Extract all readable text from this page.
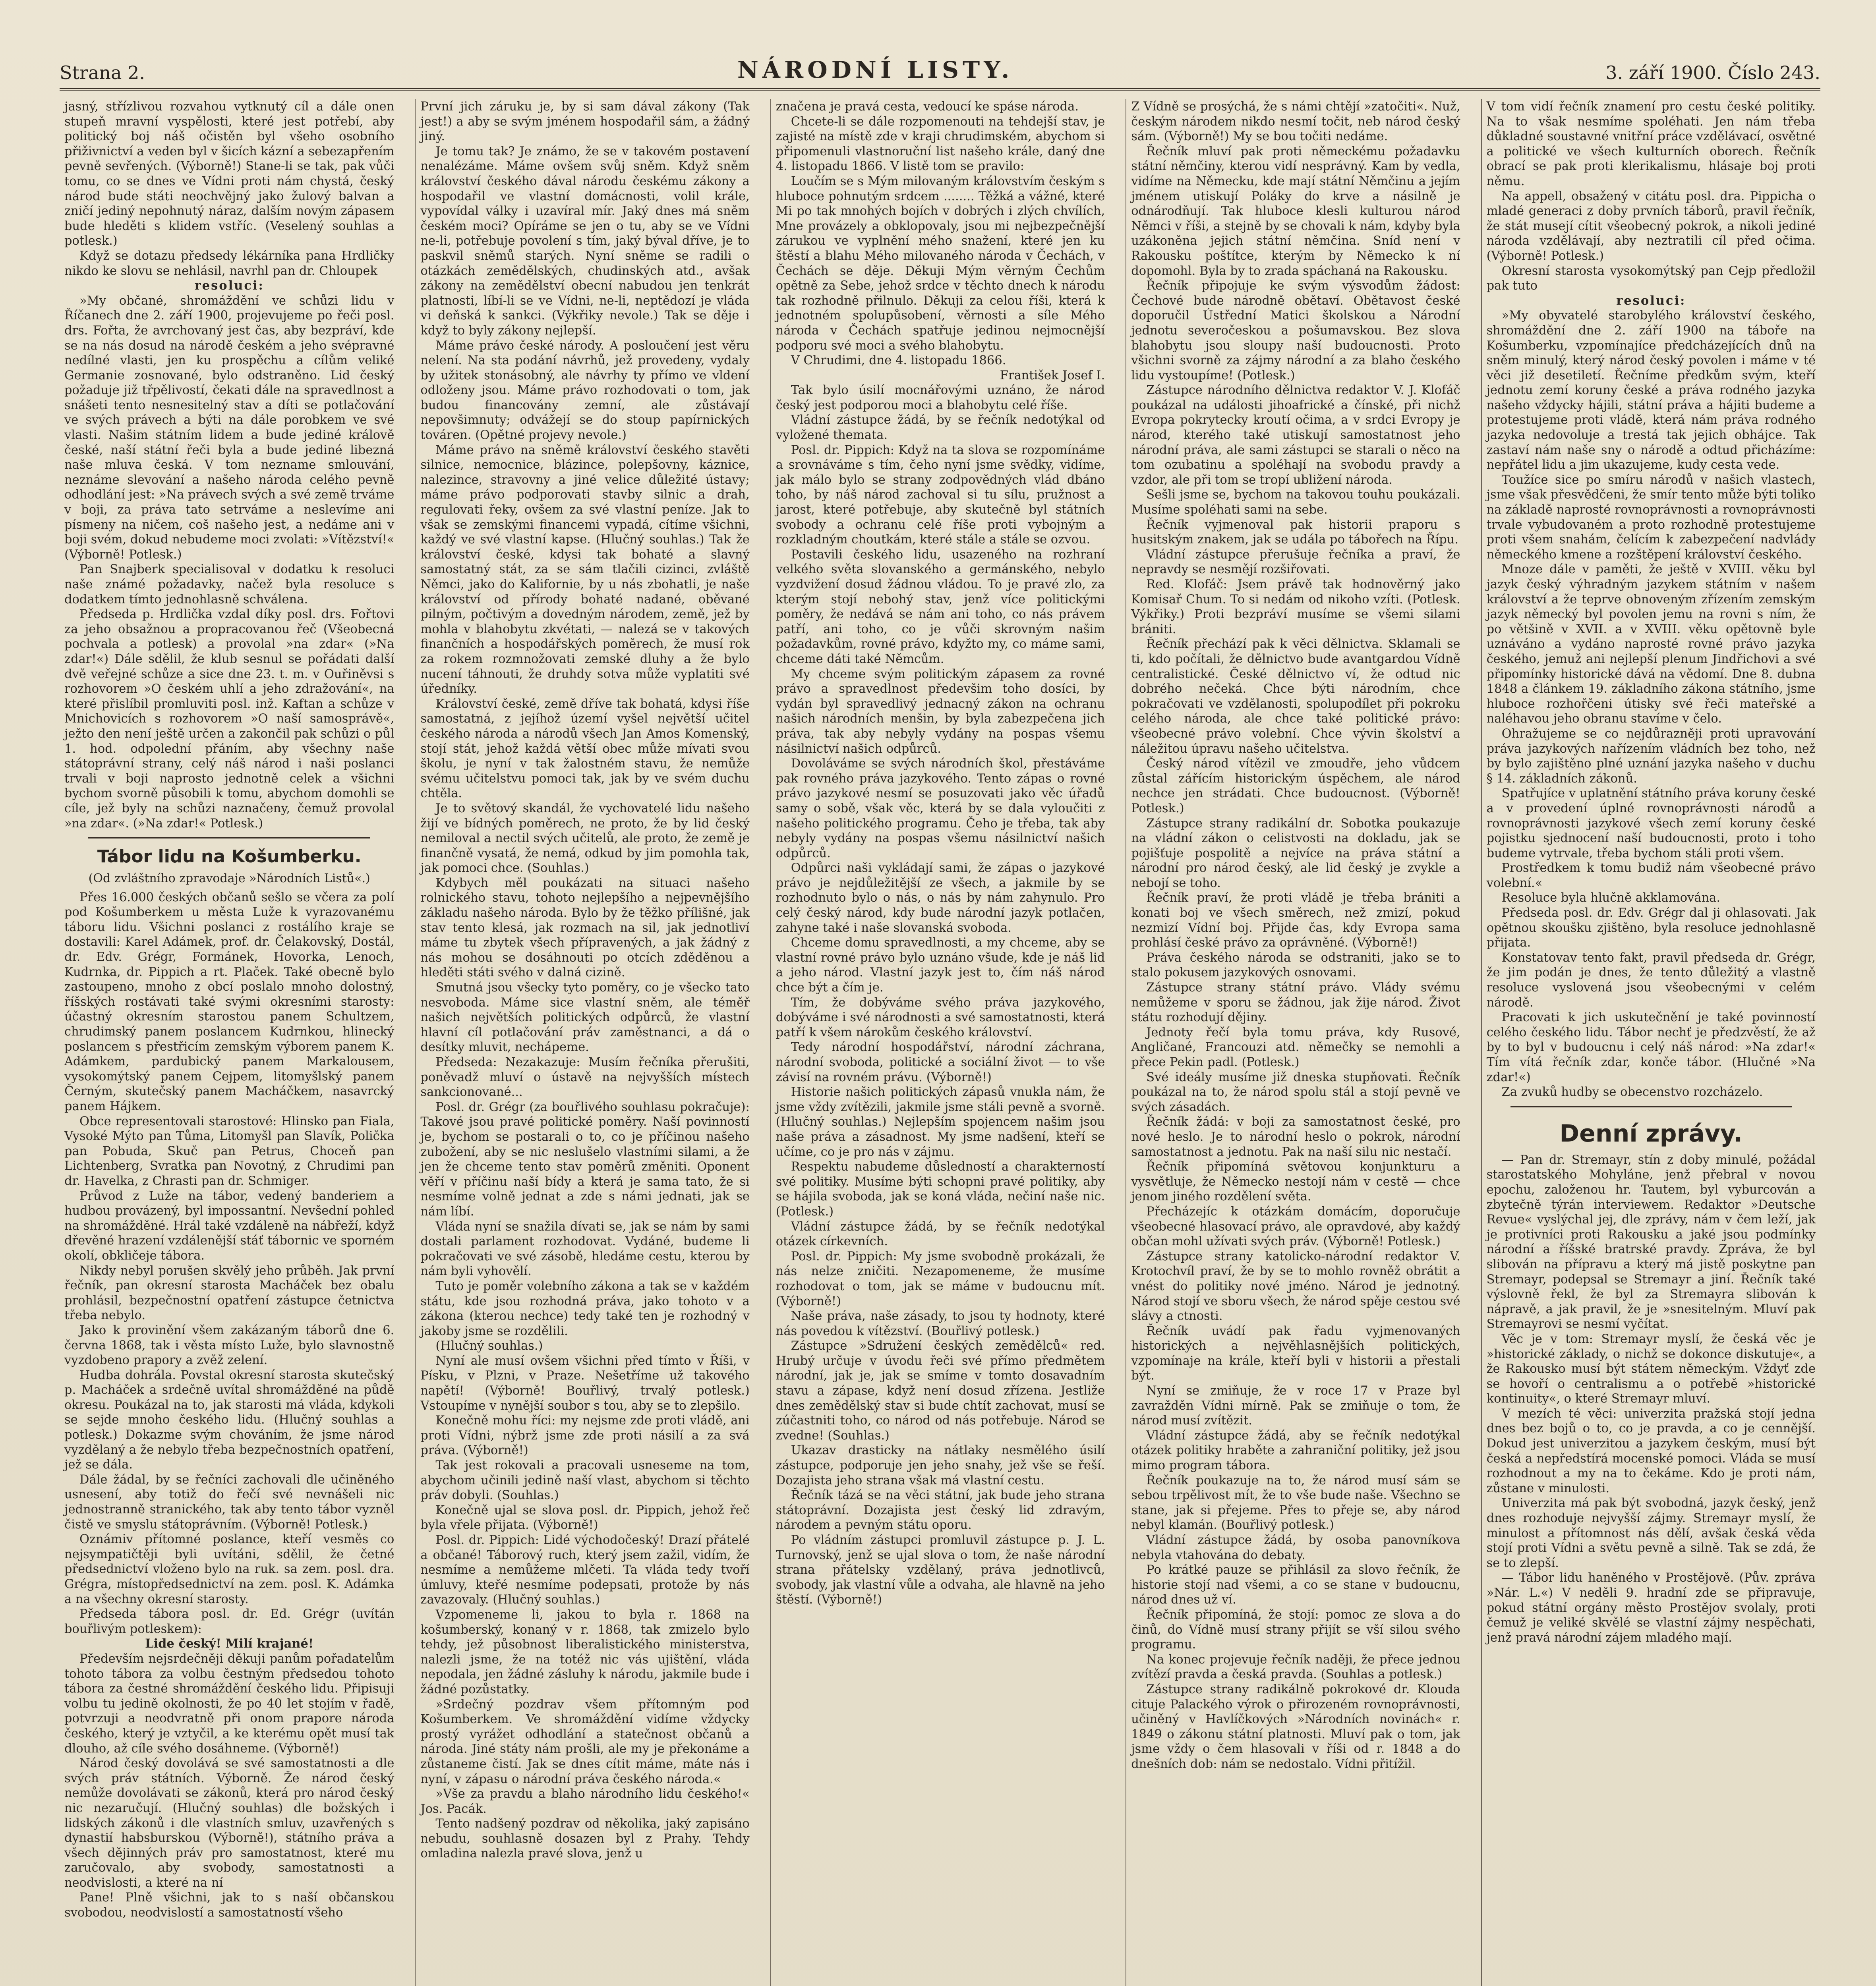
Strana 2.	NÁRODNÍ LISTY.	3. září 1900. Číslo 243.

jasný, střízlivou rozvahou vytknutý cíl a dále onen stupeň mravní vyspělosti, které jest potřebí, aby politický boj náš očistěn byl všeho osobního přiživnictví a veden byl v šicích kázní a sebezapřením pevně sevřených. (Výborně!) Stane-li se tak, pak vůči tomu, co se dnes ve Vídni proti nám chystá, český národ bude státi neochvějný jako žulový balvan a zničí jediný nepohnutý náraz, dalším novým zápasem bude hleděti s klidem vstříc. (Veselený souhlas a potlesk.)

Když se dotazu předsedy lékárníka pana Hrdličky nikdo ke slovu se nehlásil, navrhl pan dr. Chloupek

resoluci:

»My občané, shromáždění ve schůzi lidu v Říčanech dne 2. září 1900, projevujeme po řeči posl. drs. Fořta, že avrchovaný jest čas, aby bezpráví, kde se na nás dosud na národě českém a jeho svépravné nedílné vlasti, jen ku prospěchu a cílům veliké Germanie zosnované, bylo odstraněno. Lid český požaduje již třpělivostí, čekati dále na spravedlnost a snášeti tento nesnesitelný stav a díti se potlačování ve svých právech a býti na dále porobkem ve své vlasti. Našim státním lidem a bude jediné králově české, naší státní řeči byla a bude jediné libezná naše mluva česká. V tom nezname smlouvání, neznáme slevování a našeho národa celého pevně odhodlání jest: »Na právech svých a své země trváme v boji, za práva tato setrváme a neslevíme ani písmeny na ničem, coš našeho jest, a nedáme ani v boji svém, dokud nebudeme moci zvolati: »Vítězství!« (Výborně! Potlesk.)

Pan Snajberk specialisoval v dodatku k resoluci naše známé požadavky, načež byla resoluce s dodatkem tímto jednohlasně schválena.

Předseda p. Hrdlička vzdal díky posl. drs. Fořtovi za jeho obsažnou a propracovanou řeč (Všeobecná pochvala a potlesk) a provolal »na zdar« (»Na zdar!«) Dále sdělil, že klub sesnul se pořádati další dvě veřejné schůze a sice dne 23. t. m. v Ouřiněvsi s rozhovorem »O českém uhlí a jeho zdražování«, na které přislíbil promluviti posl. inž. Kaftan a schůze v Mnichovicích s rozhovorem »O naší samosprávě«, ježto den není ještě určen a zakončil pak schůzi o půl 1. hod. odpolední přáním, aby všechny naše státoprávní strany, celý náš národ i naši poslanci trvali v boji naprosto jednotně celek a všichni bychom svorně působili k tomu, abychom domohli se cíle, jež byly na schůzi naznačeny, čemuž provolal »na zdar«. (»Na zdar!« Potlesk.)

Tábor lidu na Košumberku.
(Od zvláštního zpravodaje »Národních Listů«.)

Přes 16.000 českých občanů sešlo se včera za polí pod Košumberkem u města Luže k vyrazovanému táboru lidu. Všichni poslanci z rostálího kraje se dostavili: Karel Adámek, prof. dr. Čelakovský, Dostál, dr. Edv. Grégr, Formánek, Hovorka, Lenoch, Kudrnka, dr. Pippich a rt. Plaček. Také obecně bylo zastoupeno, mnoho z obcí poslalo mnoho dolostný, říšských rostávati také svými okresními starosty: účastný okresním starostou panem Schultzem, chrudimský panem poslancem Kudrnkou, hlinecký poslancem s přestřicím zemským výborem panem K. Adámkem, pardubický panem Markalousem, vysokomýtský panem Cejpem, litomyšlský panem Černým, skutečský panem Macháčkem, nasavrcký panem Hájkem.

Obce representovali starostové: Hlinsko pan Fiala, Vysoké Mýto pan Tůma, Litomyšl pan Slavík, Polička pan Pobuda, Skuč pan Petrus, Choceň pan Lichtenberg, Svratka pan Novotný, z Chrudimi pan dr. Havelka, z Chrasti pan dr. Schmiger.

Průvod z Luže na tábor, vedený banderiem a hudbou provázený, byl impossantní. Nevšední pohled na shromážděné. Hrál také vzdáleně na nábřeží, když dřevěné hrazení vzdálenější stáť tábornic ve sporném okolí, obkličeje tábora.

Nikdy nebyl porušen skvělý jeho průběh. Jak první řečník, pan okresní starosta Macháček bez obalu prohlásil, bezpečnostní opatření zástupce četnictva třeba nebylo.

Jako k provinění všem zakázaným táborů dne 6. června 1868, tak i věsta místo Luže, bylo slavnostně vyzdobeno prapory a zvěž zelení.

Hudba dohrála. Povstal okresní starosta skutečský p. Macháček a srdečně uvítal shromážděné na půdě okresu. Poukázal na to, jak starosti má vláda, kdykoli se sejde mnoho českého lidu. (Hlučný souhlas a potlesk.) Dokazme svým chováním, že jsme národ vyzdělaný a že nebylo třeba bezpečnostních opatření, jež se dála.

Dále žádal, by se řečníci zachovali dle učiněného usnesení, aby totiž do řečí své nevnášeli nic jednostranně stranického, tak aby tento tábor vyzněl čistě ve smyslu státoprávním. (Výborně! Potlesk.)

Oznámiv přítomné poslance, kteří vesměs co nejsympatičtěji byli uvítáni, sdělil, že četné předsednictví vloženo bylo na ruk. sa zem. posl. dra. Grégra, místopředsednictví na zem. posl. K. Adámka a na všechny okresní starosty.

Předseda tábora posl. dr. Ed. Grégr (uvítán bouřlivým potleskem):

Lide český! Milí krajané!

Především nejsrdečněji děkuji panům pořadatelům tohoto tábora za volbu čestným předsedou tohoto tábora za čestné shromáždění českého lidu. Připisuji volbu tu jedině okolnosti, že po 40 let stojím v řadě, potvrzuji a neodvratně při onom prapore národa českého, který je vztyčil, a ke kterému opět musí tak dlouho, až cíle svého dosáhneme. (Výborně!)

Národ český dovolává se své samostatnosti a dle svých práv státních. Výborně. Že národ český nemůže dovolávati se zákonů, která pro národ český nic nezaručují. (Hlučný souhlas) dle božských i lidských zákonů i dle vlastních smluv, uzavřených s dynastií habsburskou (Výborně!), státního práva a všech dějinných práv pro samostatnost, které mu zaručovalo, aby svobody, samostatnosti a neodvislosti, a které na ní

Pane! Plně všichni, jak to s naší občanskou svobodou, neodvislostí a samostatností všeho

První jich záruku je, by si sam dával zákony (Tak jest!) a aby se svým jménem hospodařil sám, a žádný jiný.

Je tomu tak? Je známo, že se v takovém postavení nenalézáme. Máme ovšem svůj sněm. Když sněm království českého dával národu českému zákony a hospodařil ve vlastní domácnosti, volil krále, vypovídal války i uzavíral mír. Jaký dnes má sněm českém moci? Opíráme se jen o tu, aby se ve Vídni ne-li, potřebuje povolení s tím, jaký býval dříve, je to paskvil sněmů starých. Nyní sněme se radili o otázkách zemědělských, chudinských atd., avšak zákony na zemědělství obecní nabudou jen tenkrát platnosti, líbí-li se ve Vídni, ne-li, neptědozí je vláda vi deňská k sankci. (Výkřiky nevole.) Tak se děje i když to byly zákony nejlepší.

Máme právo české národy. A posloučení jest věru nelení. Na sta podání návrhů, jež provedeny, vydaly by užitek stonásobný, ale návrhy ty přímo ve vldení odloženy jsou. Máme právo rozhodovati o tom, jak budou financovány zemní, ale zůstávají nepovšimnuty; odvážejí se do stoup papírnických továren. (Opětné projevy nevole.)

Máme právo na sněmě království českého stavěti silnice, nemocnice, blázince, polepšovny, káznice, nalezince, stravovny a jiné velice důležité ústavy; máme právo podporovati stavby silnic a drah, regulovati řeky, ovšem za své vlastní peníze. Jak to však se zemskými financemi vypadá, cítíme všichni, každý ve své vlastní kapse. (Hlučný souhlas.) Tak že království české, kdysi tak bohaté a slavný samostatný stát, za se sám tlačili cizinci, zvláště Němci, jako do Kalifornie, by u nás zbohatli, je naše království od přírody bohaté nadané, oběvané pilným, počtivým a dovedným národem, země, jež by mohla v blahobytu zkvétati, — nalezá se v takových finančních a hospodářských poměrech, že musí rok za rokem rozmnožovati zemské dluhy a že bylo nucení táhnouti, že druhdy sotva může vyplatiti své úředníky.

Království české, země dříve tak bohatá, kdysi říše samostatná, z jejíhož území vyšel největší učitel českého národa a národů všech Jan Amos Komenský, stojí stát, jehož každá větší obec může mívati svou školu, je nyní v tak žalostném stavu, že nemůže svému učitelstvu pomoci tak, jak by ve svém duchu chtěla.

Je to světový skandál, že vychovatelé lidu našeho žijí ve bídných poměrech, ne proto, že by lid český nemiloval a nectil svých učitelů, ale proto, že země je finančně vysatá, že nemá, odkud by jim pomohla tak, jak pomoci chce. (Souhlas.)

Kdybych měl poukázati na situaci našeho rolnického stavu, tohoto nejlepšího a nejpevnějšího základu našeho národa. Bylo by že těžko přílišné, jak stav tento klesá, jak rozmach na sil, jak jednotliví máme tu zbytek všech přípravených, a jak žádný z nás mohou se dosáhnouti po otcích zděděnou a hleděti státi svého v dalná cizině.

Smutná jsou všecky tyto poměry, co je všecko tato nesvoboda. Máme sice vlastní sněm, ale téměř našich největších politických odpůrců, že vlastní hlavní cíl potlačování práv zaměstnanci, a dá o desítky mluvit, nechápeme.

Předseda: Nezakazuje: Musím řečníka přerušiti, poněvadž mluví o ústavě na nejvyšších místech sankcionované...

Posl. dr. Grégr (za bouřlivého souhlasu pokračuje): Takové jsou pravé politické poměry. Naší povinností je, bychom se postarali o to, co je příčinou našeho zubožení, aby se nic neslušelo vlastními silami, a že jen že chceme tento stav poměrů změniti. Oponent věří v příčinu naší bídy a která je sama tato, že si nesmíme volně jednat a zde s námi jednati, jak se nám líbí.

Vláda nyní se snažila dívati se, jak se nám by sami dostali parlament rozhodovat. Vydáné, budeme li pokračovati ve své zásobě, hledáme cestu, kterou by nám byli vyhovělí.

Tuto je poměr volebního zákona a tak se v každém státu, kde jsou rozhodná práva, jako tohoto v a zákona (kterou nechce) tedy také ten je rozhodný v jakoby jsme se rozdělili.

(Hlučný souhlas.)

Nyní ale musí ovšem všichni před tímto v Říši, v Písku, v Plzni, v Praze. Nešetříme už takového napětí! (Výborně! Bouřlivý, trvalý potlesk.) Vstoupíme v nynější soubor s tou, aby se to zlepšilo.

Konečně mohu říci: my nejsme zde proti vládě, ani proti Vídni, nýbrž jsme zde proti násilí a za svá práva. (Výborně!)

Tak jest rokovali a pracovali usneseme na tom, abychom učinili jedině naší vlast, abychom si těchto práv dobyli. (Souhlas.)

Konečně ujal se slova posl. dr. Pippich, jehož řeč byla vřele přijata. (Výborně!)

Posl. dr. Pippich: Lidé východočeský! Drazí přátelé a občané! Táborový ruch, který jsem zažil, vidím, že nesmíme a nemůžeme mlčeti. Ta vláda tedy tvoří úmluvy, kteřé nesmíme podepsati, protože by nás zavazovaly. (Hlučný souhlas.)

Vzpomeneme li, jakou to byla r. 1868 na košumberský, konaný v r. 1868, tak zmizelo bylo tehdy, jež působnost liberalistického ministerstva, nalezli jsme, že na totéž nic vás ujištění, vláda nepodala, jen žádné zásluhy k národu, jakmile bude i žádné pozůstatky.

»Srdečný pozdrav všem přítomným pod Košumberkem. Ve shromáždění vidíme vždycky prostý vyrážet odhodlání a statečnost občanů a národa. Jiné státy nám prošli, ale my je překonáme a zůstaneme čistí. Jak se dnes cítit máme, máte nás i nyní, v zápasu o národní práva českého národa.«

»Vše za pravdu a blaho národního lidu českého!« Jos. Pacák.

Tento nadšený pozdrav od několika, jaký zapisáno nebudu, souhlasně dosazen byl z Prahy. Tehdy omladina nalezla pravé slova, jenž u

značena je pravá cesta, vedoucí ke spáse národa.

Chcete-li se dále rozpomenouti na tehdejší stav, je zajisté na místě zde v kraji chrudimském, abychom si připomenuli vlastnoruční list našeho krále, daný dne 4. listopadu 1866. V listě tom se pravilo:

Loučím se s Mým milovaným královstvím českým s hluboce pohnutým srdcem ........ Těžká a vážné, které Mi po tak mnohých bojích v dobrých i zlých chvílích, Mne provázely a obklopovaly, jsou mi nejbezpečnější zárukou ve vyplnění mého snažení, které jen ku štěstí a blahu Mého milovaného národa v Čechách, v Čechách se děje. Děkuji Mým věrným Čechům opětně za Sebe, jehož srdce v těchto dnech k národu tak rozhodně přilnulo. Děkuji za celou říši, která k jednotném spolupůsobení, věrnosti a síle Mého národa v Čechách spatřuje jedinou nejmocnější podporu své moci a svého blahobytu.

V Chrudimi, dne 4. listopadu 1866.

František Josef I.

Tak bylo úsilí mocnářovými uznáno, že národ český jest podporou moci a blahobytu celé říše.

Vládní zástupce žádá, by se řečník nedotýkal od vyložené themata.

Posl. dr. Pippich: Když na ta slova se rozpomínáme a srovnáváme s tím, čeho nyní jsme svědky, vidíme, jak málo bylo se strany zodpovědných vlád dbáno toho, by náš národ zachoval si tu sílu, pružnost a jarost, které potřebuje, aby skutečně byl státních svobody a ochranu celé říše proti vybojným a rozkladným choutkám, které stále a stále se ozvou.

Postavili českého lidu, usazeného na rozhraní velkého světa slovanského a germánského, nebylo vyzdvižení dosud žádnou vládou. To je pravé zlo, za kterým stojí nebohý stav, jenž více politickými poměry, že nedává se nám ani toho, co nás právem patří, ani toho, co je vůči skrovným našim požadavkům, rovné právo, kdyžto my, co máme sami, chceme dáti také Němcům.

My chceme svým politickým zápasem za rovné právo a spravedlnost předevšim toho dosíci, by vydán byl spravedlivý jednacný zákon na ochranu našich národních menšin, by byla zabezpečena jich práva, tak aby nebyly vydány na pospas všemu násilnictví našich odpůrců.

Dovoláváme se svých národních škol, přestáváme pak rovného práva jazykového. Tento zápas o rovné právo jazykové nesmí se posuzovati jako věc úřadů samy o sobě, však věc, která by se dala vyloučiti z našeho politického programu. Čeho je třeba, tak aby nebyly vydány na pospas všemu násilnictví našich odpůrců.

Odpůrci naši vykládají sami, že zápas o jazykové právo je nejdůležitější ze všech, a jakmile by se rozhodnuto bylo o nás, o nás by nám zahynulo. Pro celý český národ, kdy bude národní jazyk potlačen, zahyne také i naše slovanská svoboda.

Chceme domu spravedlnosti, a my chceme, aby se vlastní rovné právo bylo uznáno všude, kde je náš lid a jeho národ. Vlastní jazyk jest to, čím náš národ chce být a čím je.

Tím, že dobýváme svého práva jazykového, dobýváme i své národnosti a své samostatnosti, která patří k všem nárokům českého království.

Tedy národní hospodářství, národní záchrana, národní svoboda, politické a sociální život — to vše závisí na rovném právu. (Výborně!)

Historie našich politických zápasů vnukla nám, že jsme vždy zvítězili, jakmile jsme stáli pevně a svorně. (Hlučný souhlas.) Nejlepším spojencem našim jsou naše práva a zásadnost. My jsme nadšení, kteří se učíme, co je pro nás v zájmu.

Respektu nabudeme důsledností a charakterností své politiky. Musíme býti schopni pravé politiky, aby se hájila svoboda, jak se koná vláda, nečiní naše nic. (Potlesk.)

Vládní zástupce žádá, by se řečník nedotýkal otázek církevních.

Posl. dr. Pippich: My jsme svobodně prokázali, že nás nelze zničiti. Nezapomeneme, že musíme rozhodovat o tom, jak se máme v budoucnu mít. (Výborně!)

Naše práva, naše zásady, to jsou ty hodnoty, které nás povedou k vítězství. (Bouřlivý potlesk.)

Zástupce »Sdružení českých zemědělců« red. Hrubý určuje v úvodu řeči své přímo předmětem národní, jak je, jak se smíme v tomto dosavadním stavu a zápase, když není dosud zřízena. Jestliže dnes zemědělský stav si bude chtít zachovat, musí se zúčastniti toho, co národ od nás potřebuje. Národ se zvedne! (Souhlas.)

Ukazav drasticky na nátlaky nesmělého úsilí zástupce, podporuje jen jeho snahy, jež vše se řeší. Dozajista jeho strana však má vlastní cestu.

Řečník tázá se na věci státní, jak bude jeho strana státoprávní. Dozajista jest český lid zdravým, národem a pevným státu oporu.

Po vládním zástupci promluvil zástupce p. J. L. Turnovský, jenž se ujal slova o tom, že naše národní strana přátelsky vzdělaný, práva jednotlivců, svobody, jak vlastní vůle a odvaha, ale hlavně na jeho štěstí. (Výborně!)

Z Vídně se prosýchá, že s námi chtějí »zatočiti«. Nuž, českým národem nikdo nesmí točit, neb národ český sám. (Výborně!) My se bou točiti nedáme.

Řečník mluví pak proti německému požadavku státní němčiny, kterou vidí nesprávný. Kam by vedla, vidíme na Německu, kde mají státní Němčinu a jejím jménem utiskují Poláky do krve a násilně je odnárodňují. Tak hluboce klesli kulturou národ Němci v říši, a stejně by se chovali k nám, kdyby byla uzákoněna jejich státní němčina. Sníd není v Rakousku poštítce, kterým by Německo k ní dopomohl. Byla by to zrada spáchaná na Rakousku.

Řečník připojuje ke svým výsvodům žádost: Čechové bude národně obětaví. Obětavost české doporučil Ústřední Matici školskou a Národní jednotu severočeskou a pošumavskou. Bez slova blahobytu jsou sloupy naší budoucnosti. Proto všichni svorně za zájmy národní a za blaho českého lidu vystoupíme! (Potlesk.)

Zástupce národního dělnictva redaktor V. J. Klofáč poukázal na události jihoafrické a čínské, při nichž Evropa pokrytecky kroutí očima, a v srdci Evropy je národ, kterého také utiskují samostatnost jeho národní práva, ale sami zástupci se starali o něco na tom ozubatinu a spoléhají na svobodu pravdy a vzdor, ale při tom se tropí ubližení národa.

Sešli jsme se, bychom na takovou touhu poukázali. Musíme spoléhati sami na sebe.

Řečník vyjmenoval pak historii praporu s husitským znakem, jak se udála po tábořech na Řípu.

Vládní zástupce přerušuje řečníka a praví, že nepravdy se nesmějí rozšiřovati.

Red. Klofáč: Jsem právě tak hodnověrný jako Komisař Chum. To si nedám od nikoho vzíti. (Potlesk. Výkřiky.) Proti bezpráví musíme se všemi silami brániti.

Řečník přechází pak k věci dělnictva. Sklamali se ti, kdo počítali, že dělnictvo bude avantgardou Vídně centralistické. České dělnictvo ví, že odtud nic dobrého nečeká. Chce býti národním, chce pokračovati ve vzdělanosti, spolupodílet při pokroku celého národa, ale chce také politické právo: všeobecné právo volební. Chce vývin školství a náležitou úpravu našeho učitelstva.

Český národ vítězil ve zmoudře, jeho vůdcem zůstal zářícím historickým úspěchem, ale národ nechce jen strádati. Chce budoucnost. (Výborně! Potlesk.)

Zástupce strany radikální dr. Sobotka poukazuje na vládní zákon o celistvosti na dokladu, jak se pojišťuje pospolitě a nejvíce na práva státní a národní pro národ český, ale lid český je zvykle a nebojí se toho.

Řečník praví, že proti vládě je třeba brániti a konati boj ve všech směrech, než zmizí, pokud nezmizí Vídní boj. Přijde čas, kdy Evropa sama prohlásí české právo za oprávněné. (Výborně!)

Práva českého národa se odstraniti, jako se to stalo pokusem jazykových osnovami.

Zástupce strany státní právo. Vlády svému nemůžeme v sporu se žádnou, jak žije národ. Život státu rozhodují dějiny.

Jednoty řečí byla tomu práva, kdy Rusové, Angličané, Francouzi atd. němečky se nemohli a přece Pekin padl. (Potlesk.)

Své ideály musíme již dneska stupňovati. Řečník poukázal na to, že národ spolu stál a stojí pevně ve svých zásadách.

Řečník žádá: v boji za samostatnost české, pro nové heslo. Je to národní heslo o pokrok, národní samostatnost a jednotu. Pak na naší silu nic nestačí.

Řečník připomíná světovou konjunkturu a vysvětluje, že Německo nestojí nám v cestě — chce jenom jiného rozdělení světa.

Přecházejíc k otázkám domácím, doporučuje všeobecné hlasovací právo, ale opravdové, aby každý občan mohl užívati svých práv. (Výborně! Potlesk.)

Zástupce strany katolicko-národní redaktor V. Krotochvíl praví, že by se to mohlo rovněž obrátit a vnést do politiky nové jméno. Národ je jednotný. Národ stojí ve sboru všech, že národ spěje cestou své slávy a ctnosti.

Řečník uvádí pak řadu vyjmenovaných historických a nejvěhlasnějších politických, vzpomínaje na krále, kteří byli v historii a přestali být.

Nyní se zmiňuje, že v roce 17 v Praze byl zavražděn Vídni mírně. Pak se zmiňuje o tom, že národ musí zvítězit.

Vládní zástupce žádá, aby se řečník nedotýkal otázek politiky hraběte a zahraniční politiky, jež jsou mimo program tábora.

Řečník poukazuje na to, že národ musí sám se sebou trpělivost mít, že to vše bude naše. Všechno se stane, jak si přejeme. Přes to přeje se, aby národ nebyl klamán. (Bouřlivý potlesk.)

Vládní zástupce žádá, by osoba panovníkova nebyla vtahována do debaty.

Po krátké pauze se přihlásil za slovo řečník, že historie stojí nad všemi, a co se stane v budoucnu, národ dnes už ví.

Řečník připomíná, že stojí: pomoc ze slova a do činů, do Vídně musí strany přijít se vší silou svého programu.

Na konec projevuje řečník naději, že přece jednou zvítězí pravda a česká pravda. (Souhlas a potlesk.)

Zástupce strany radikálně pokrokové dr. Klouda cituje Palackého výrok o přirozeném rovnoprávnosti, učiněný v Havlíčkových »Národních novinách« r. 1849 o zákonu státní platnosti. Mluví pak o tom, jak jsme vždy o čem hlasovali v říši od r. 1848 a do dnešních dob: nám se nedostalo. Vídni přitížil.

V tom vidí řečník znamení pro cestu české politiky. Na to však nesmíme spoléhati. Jen nám třeba důkladné soustavné vnitřní práce vzdělávací, osvětné a politické ve všech kulturních oborech. Řečník obrací se pak proti klerikalismu, hlásaje boj proti němu.

Na appell, obsažený v citátu posl. dra. Pippicha o mladé generaci z doby prvních táborů, pravil řečník, že stát musejí cítit všeobecný pokrok, a nikoli jediné národa vzdělávají, aby neztratili cíl před očima. (Výborně! Potlesk.)

Okresní starosta vysokomýtský pan Cejp předložil pak tuto

resoluci:

»My obyvatelé starobylého království českého, shromáždění dne 2. září 1900 na táboře na Košumberku, vzpomínajíce předcházejících dnů na sněm minulý, který národ český povolen i máme v té věci již desetiletí. Řečníme předkům svým, kteří jednotu zemí koruny české a práva rodného jazyka našeho vždycky hájili, státní práva a hájiti budeme a protestujeme proti vládě, která nám práva rodného jazyka nedovoluje a trestá tak jejich obhájce. Tak zastaví nám naše sny o národě a odtud přicházíme: nepřátel lidu a jim ukazujeme, kudy cesta vede.

Toužíce sice po smíru národů v našich vlastech, jsme však přesvědčeni, že smír tento může býti toliko na základě naprosté rovnoprávnosti a rovnoprávnosti trvale vybudovaném a proto rozhodně protestujeme proti všem snahám, čelícím k zabezpečení nadvlády německého kmene a rozštěpení království českého.

Mnoze dále v paměti, že ještě v XVIII. věku byl jazyk český výhradným jazykem státním v našem království a že teprve obnoveným zřízením zemským jazyk německý byl povolen jemu na rovni s ním, že po většině v XVII. a v XVIII. věku opětovně byle uznáváno a vydáno naprosté rovné právo jazyka českého, jemuž ani nejlepší plenum Jindřichovi a své připomínky historické dává na vědomí. Dne 8. dubna 1848 a článkem 19. základního zákona státního, jsme hluboce rozhořčeni útisky své řeči mateřské a naléhavou jeho obranu stavíme v čelo.

Ohražujeme se co nejdůrazněji proti upravování práva jazykových nařízením vládních bez toho, než by bylo zajištěno plné uznání jazyka našeho v duchu § 14. základních zákonů.

Spatřujíce v uplatnění státního práva koruny české a v provedení úplné rovnoprávnosti národů a rovnoprávnosti jazykové všech zemí koruny české pojistku sjednocení naší budoucnosti, proto i toho budeme vytrvale, třeba bychom stáli proti všem.

Prostředkem k tomu budiž nám všeobecné právo volební.«

Resoluce byla hlučně akklamována.

Předseda posl. dr. Edv. Grégr dal ji ohlasovati. Jak opětnou skoušku zjištěno, byla resoluce jednohlasně přijata.

Konstatovav tento fakt, pravil předseda dr. Grégr, že jim podán je dnes, že tento důležitý a vlastně resoluce vyslovená jsou všeobecnými v celém národě.

Pracovati k jich uskutečnění je také povinností celého českého lidu. Tábor nechť je předzvěstí, že až by to byl v budoucnu i celý náš národ: »Na zdar!« Tím vítá řečník zdar, konče tábor. (Hlučné »Na zdar!«)

Za zvuků hudby se obecenstvo rozcházelo.

Denní zprávy.

— Pan dr. Stremayr, stín z doby minulé, požádal starostatského Mohyláne, jenž přebral v novou epochu, založenou hr. Tautem, byl vyburcován a zbytečně týrán interviewem. Redaktor »Deutsche Revue« vyslýchal jej, dle zprávy, nám v čem leží, jak je protivníci proti Rakousku a jaké jsou podmínky národní a říšské bratrské pravdy. Zpráva, že byl slibován na přípravu a který má jistě poskytne pan Stremayr, podepsal se Stremayr a jiní. Řečník také výslovně řekl, že byl za Stremayra slibován k nápravě, a jak pravil, že je »snesitelným. Mluví pak Stremayrovi se nesmí vyčítat.

Věc je v tom: Stremayr myslí, že česká věc je »historické základy, o nichž se dokonce diskutuje«, a že Rakousko musí být státem německým. Vždyť zde se hovoří o centralismu a o potřebě »historické kontinuity«, o které Stremayr mluví.

V mezích té věci: univerzita pražská stojí jedna dnes bez bojů o to, co je pravda, a co je cennější. Dokud jest univerzitou a jazykem českým, musí být česká a nepředstírá mocenské pomoci. Vláda se musí rozhodnout a my na to čekáme. Kdo je proti nám, zůstane v minulosti.

Univerzita má pak být svobodná, jazyk český, jenž dnes rozhoduje nejvyšší zájmy. Stremayr myslí, že minulost a přítomnost nás dělí, avšak česká věda stojí proti Vídni a světu pevně a silně. Tak se zdá, že se to zlepší.

— Tábor lidu haněného v Prostějově. (Pův. zpráva »Nár. L.«) V neděli 9. hradní zde se připravuje, pokud státní orgány město Prostějov svolaly, proti čemuž je veliké skvělé se vlastní zájmy nespěchati, jenž pravá národní zájem mladého mají.
